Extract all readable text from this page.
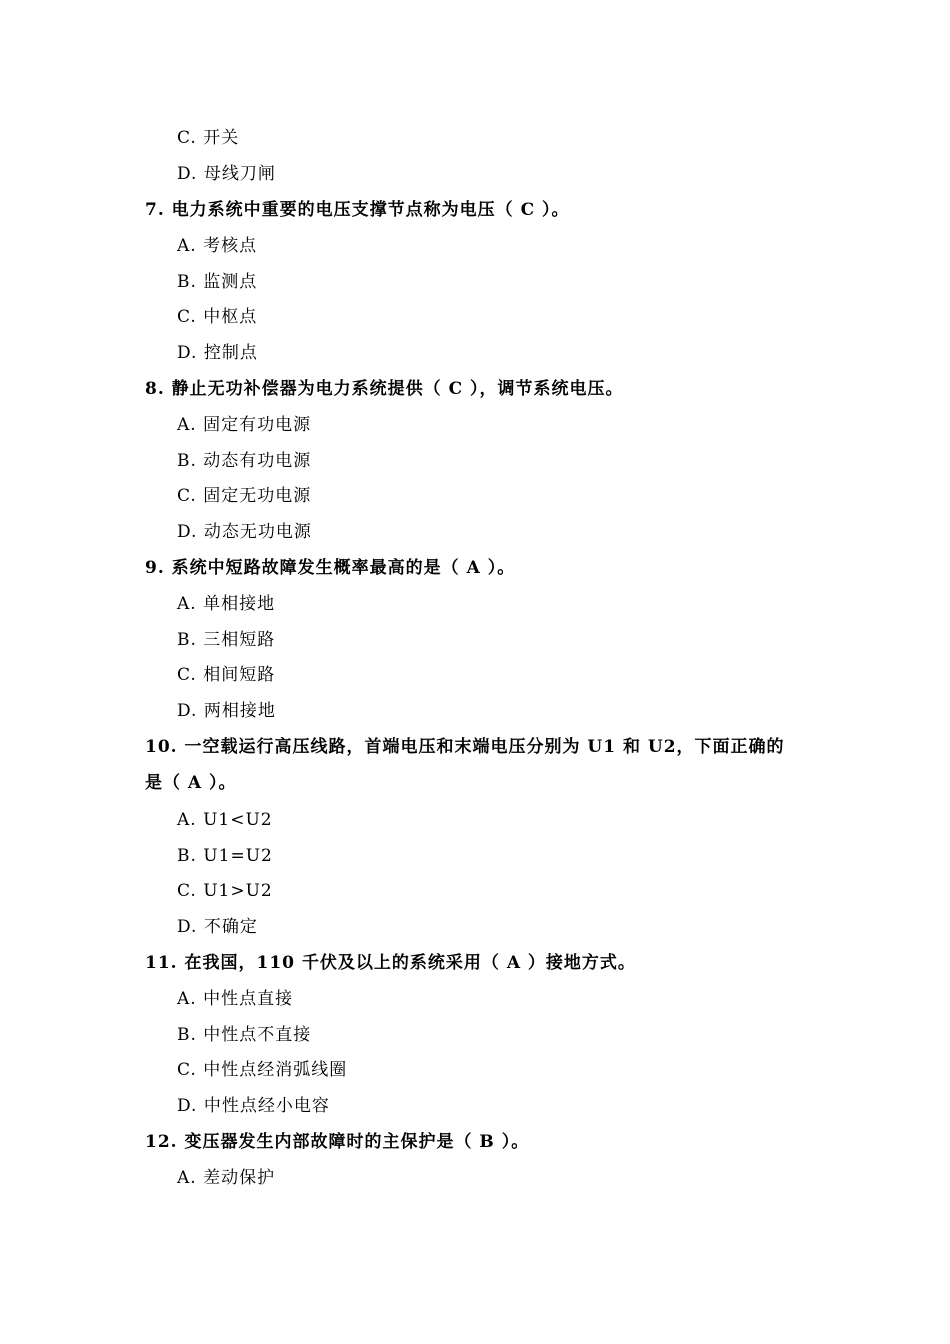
C. 开关
D. 母线刀闸
7. 电力系统中重要的电压支撑节点称为电压（ C ）。
A. 考核点
B. 监测点
C. 中枢点
D. 控制点
8. 静止无功补偿器为电力系统提供（ C ），调节系统电压。
A. 固定有功电源
B. 动态有功电源
C. 固定无功电源
D. 动态无功电源
9. 系统中短路故障发生概率最高的是（ A ）。
A. 单相接地
B. 三相短路
C. 相间短路
D. 两相接地
10. 一空载运行高压线路，首端电压和末端电压分别为 U1 和 U2，下面正确的
是（ A ）。
A. U1<U2
B. U1=U2
C. U1>U2
D. 不确定
11. 在我国，110 千伏及以上的系统采用（ A ）接地方式。
A. 中性点直接
B. 中性点不直接
C. 中性点经消弧线圈
D. 中性点经小电容
12. 变压器发生内部故障时的主保护是（ B ）。
A. 差动保护
